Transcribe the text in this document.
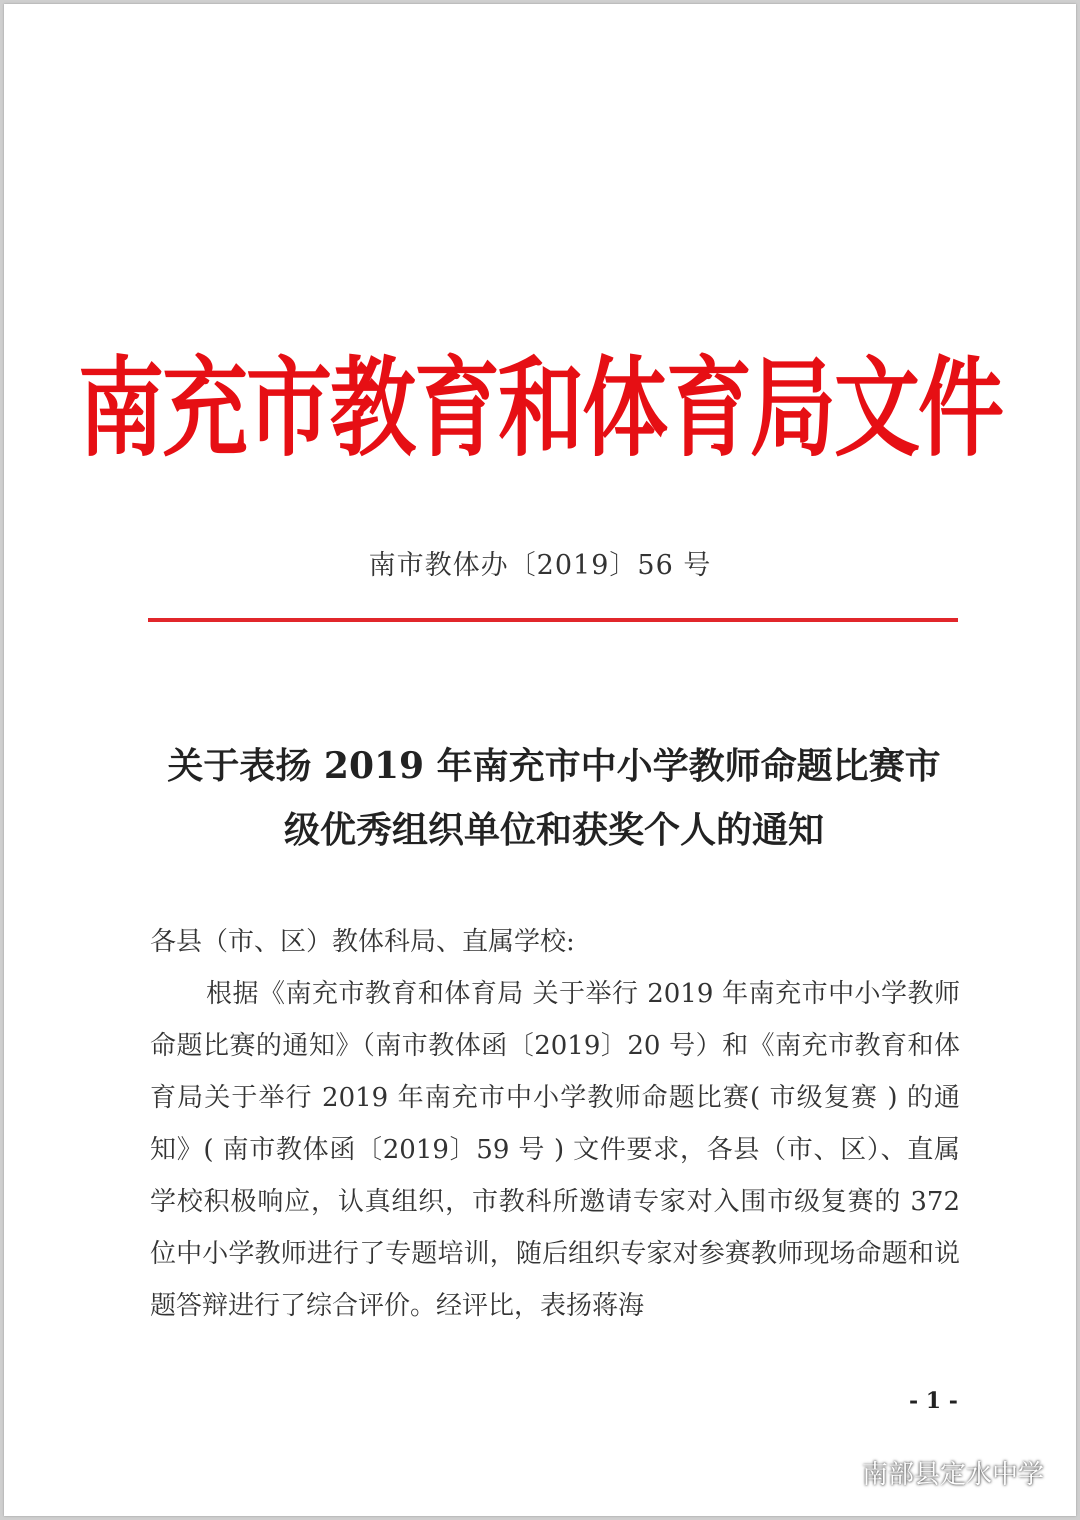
南充市教育和体育局文件
南市教体办〔2019〕56 号
关于表扬 2019 年南充市中小学教师命题比赛市
级优秀组织单位和获奖个人的通知

各县（市、区）教体科局、直属学校:

根据《南充市教育和体育局 关于举行 2019 年南充市中小学教师命题比赛的通知》（南市教体函〔2019〕20 号）和《南充市教育和体育局关于举行 2019 年南充市中小学教师命题比赛( 市级复赛 ) 的通知》( 南市教体函〔2019〕59 号 ) 文件要求，各县（市、区）、直属学校积极响应，认真组织，市教科所邀请专家对入围市级复赛的 372 位中小学教师进行了专题培训，随后组织专家对参赛教师现场命题和说题答辩进行了综合评价。经评比，表扬蒋海

- 1 -
南部县定水中学
